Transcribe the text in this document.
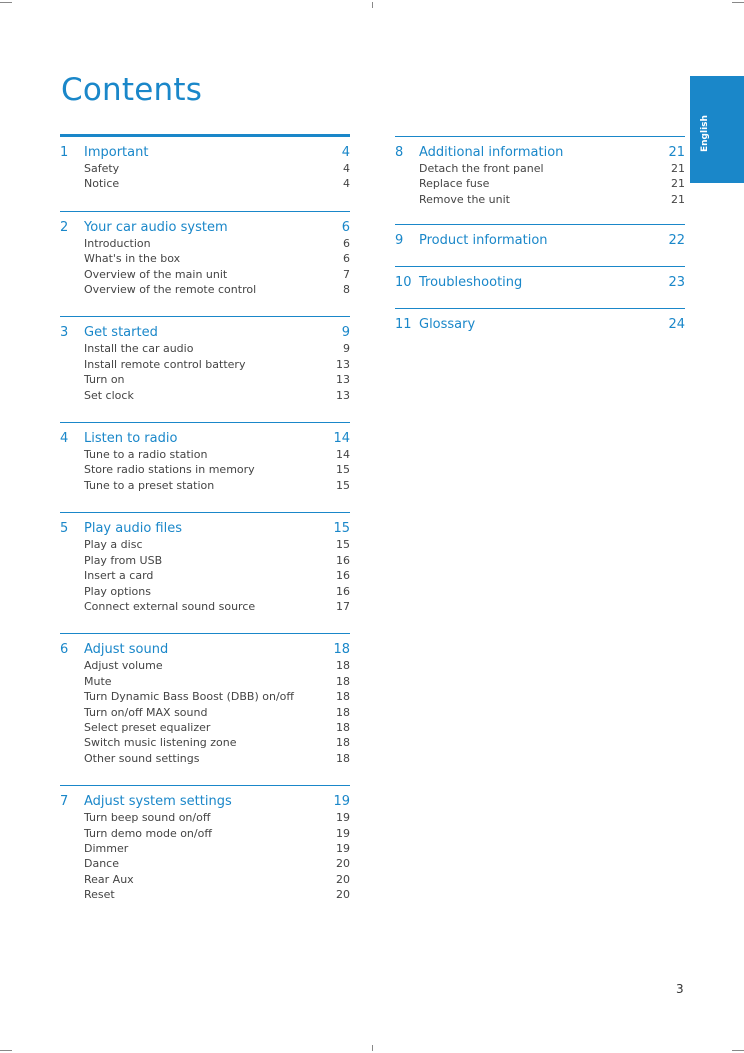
Contents
English
1	Important	4
Safety	4
Notice	4
2	Your car audio system	6
Introduction	6
What's in the box	6
Overview of the main unit	7
Overview of the remote control	8
3	Get started	9
Install the car audio	9
Install remote control battery	13
Turn on	13
Set clock	13
4	Listen to radio	14
Tune to a radio station	14
Store radio stations in memory	15
Tune to a preset station	15
5	Play audio files	15
Play a disc	15
Play from USB	16
Insert a card	16
Play options	16
Connect external sound source	17
6	Adjust sound	18
Adjust volume	18
Mute	18
Turn Dynamic Bass Boost (DBB) on/off	18
Turn on/off MAX sound	18
Select preset equalizer	18
Switch music listening zone	18
Other sound settings	18
7	Adjust system settings	19
Turn beep sound on/off	19
Turn demo mode on/off	19
Dimmer	19
Dance	20
Rear Aux	20
Reset	20
8	Additional information	21
Detach the front panel	21
Replace fuse	21
Remove the unit	21
9	Product information	22
10 Troubleshooting	23
11 Glossary	24
3
